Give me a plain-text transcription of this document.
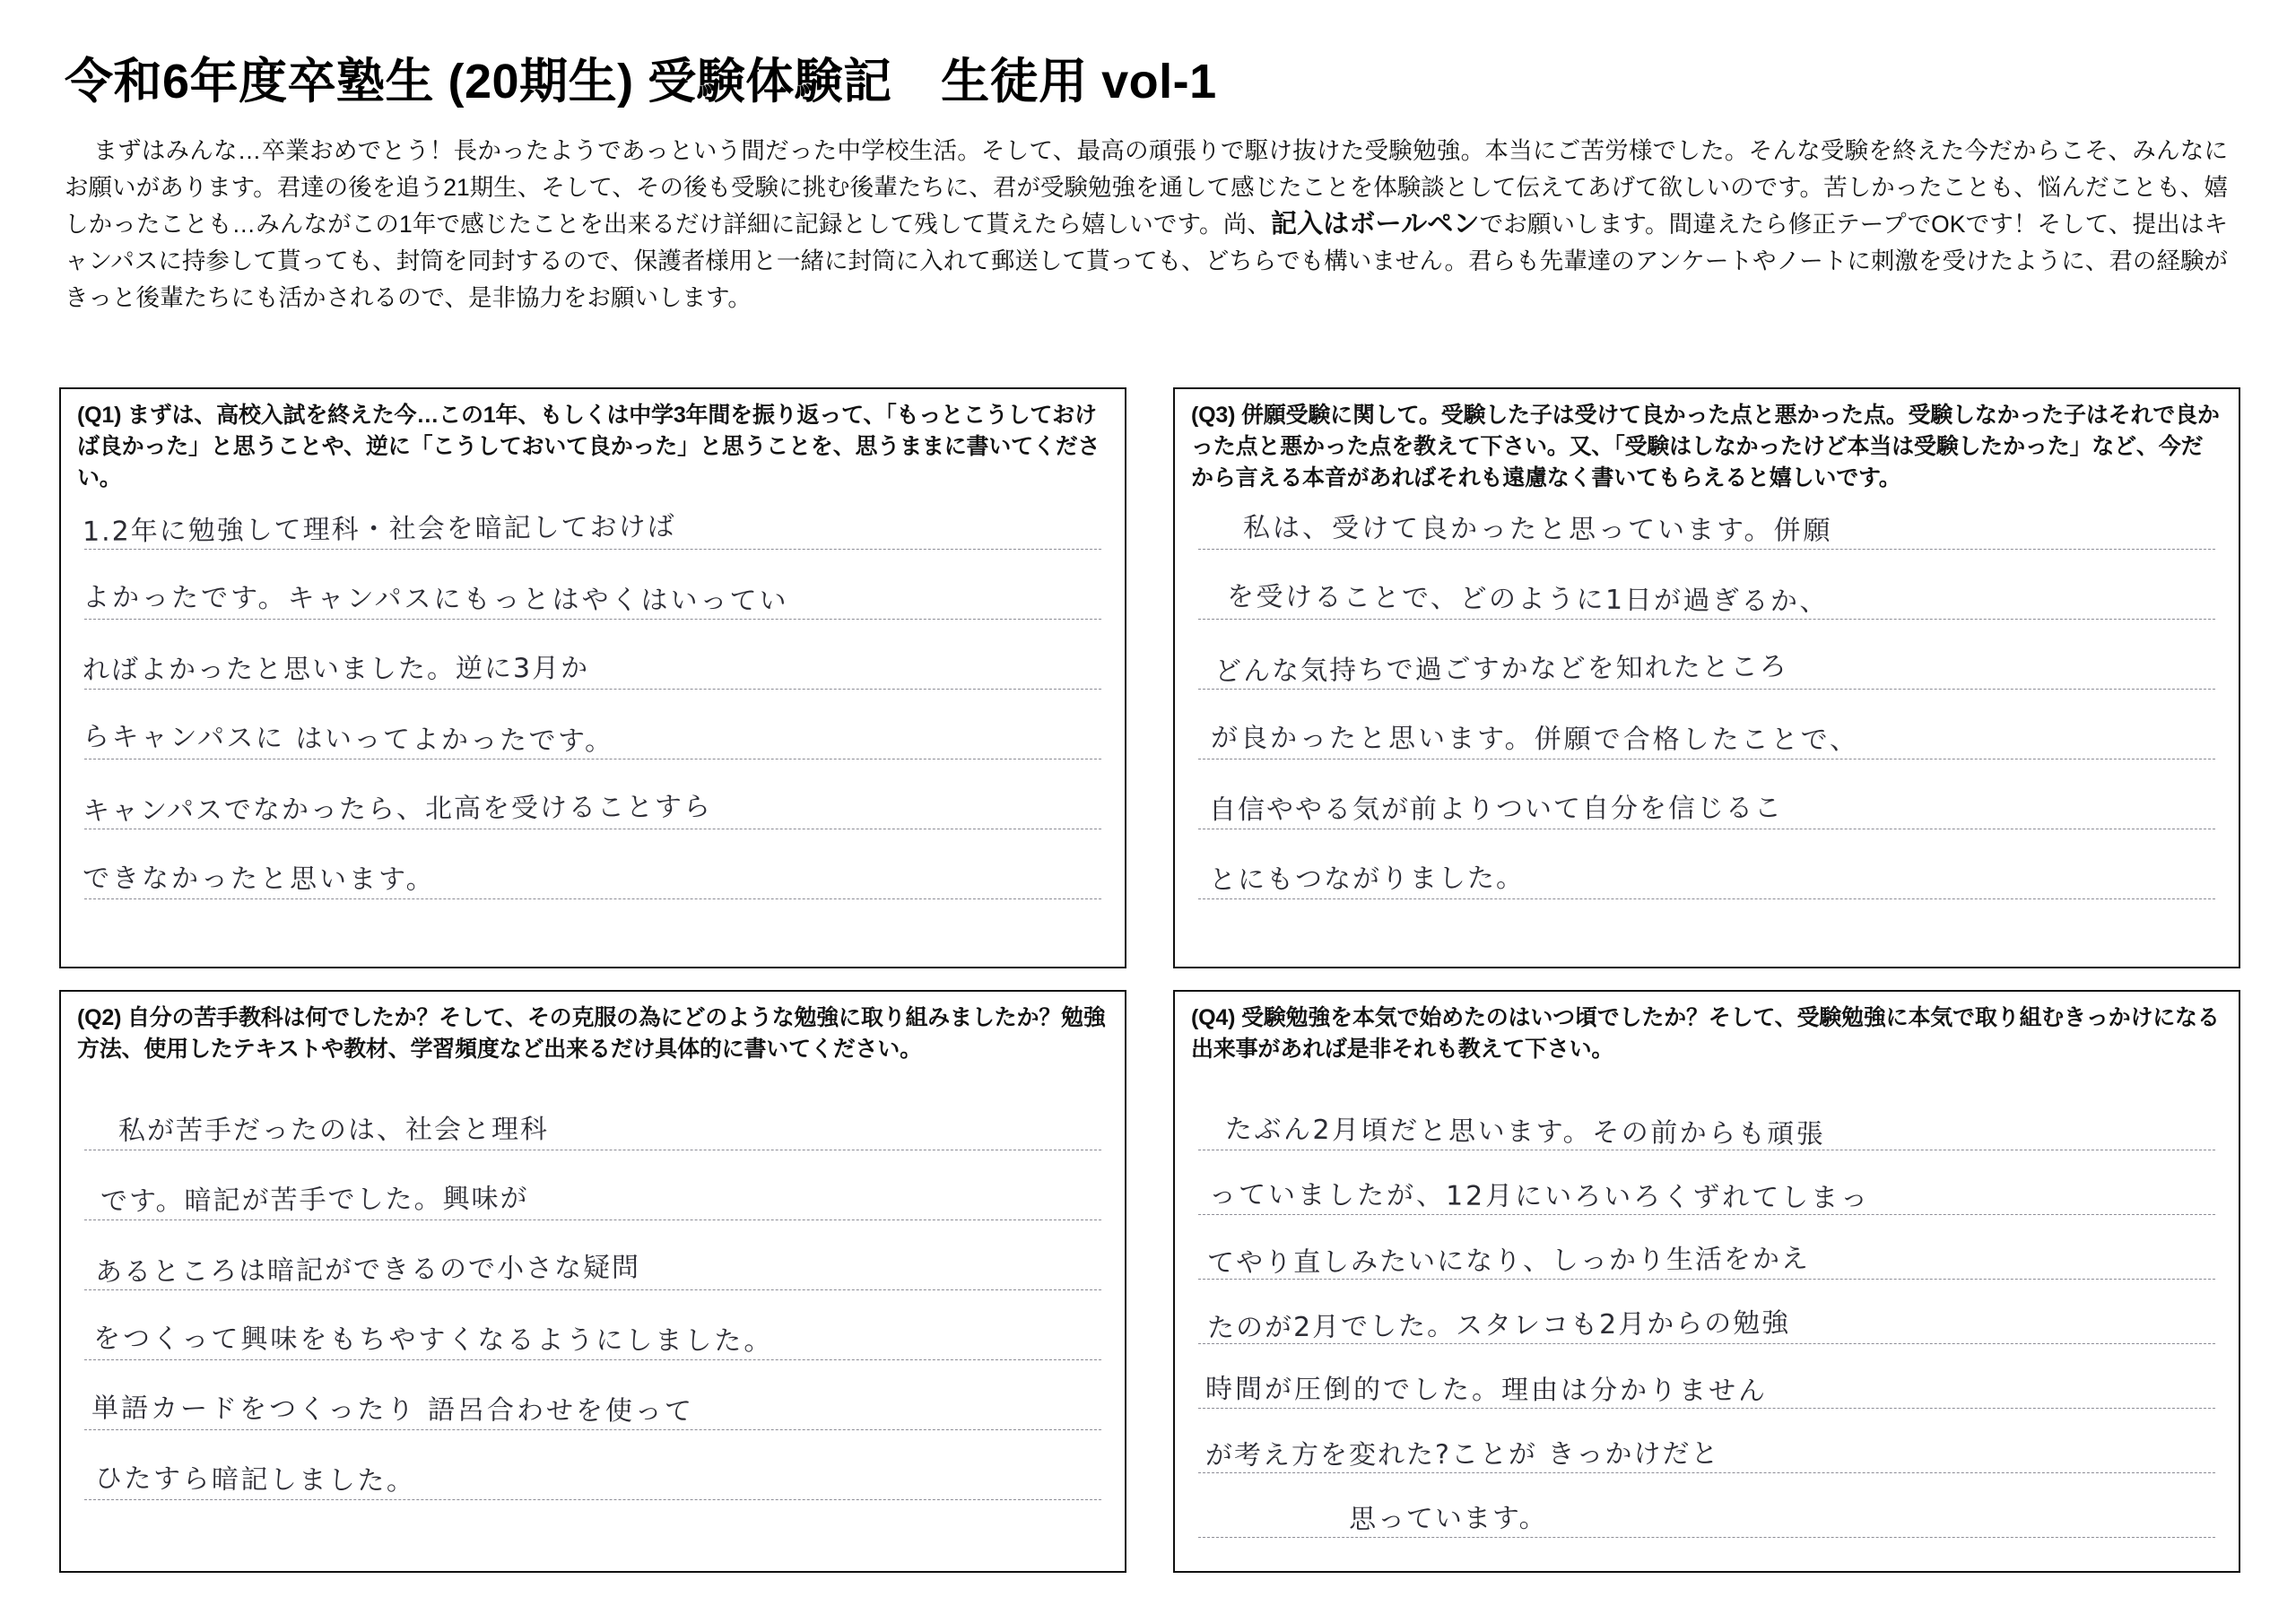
令和6年度卒塾生 (20期生) 受験体験記　生徒用 vol-1
まずはみんな…卒業おめでとう！長かったようであっという間だった中学校生活。そして、最高の頑張りで駆け抜けた受験勉強。本当にご苦労様でした。そんな受験を終えた今だからこそ、みんなにお願いがあります。君達の後を追う21期生、そして、その後も受験に挑む後輩たちに、君が受験勉強を通して感じたことを体験談として伝えてあげて欲しいのです。苦しかったことも、悩んだことも、嬉しかったことも…みんながこの1年で感じたことを出来るだけ詳細に記録として残して貰えたら嬉しいです。尚、記入はボールペンでお願いします。間違えたら修正テープでOKです！そして、提出はキャンパスに持参して貰っても、封筒を同封するので、保護者様用と一緒に封筒に入れて郵送して貰っても、どちらでも構いません。君らも先輩達のアンケートやノートに刺激を受けたように、君の経験がきっと後輩たちにも活かされるので、是非協力をお願いします。
(Q1) まずは、高校入試を終えた今…この1年、もしくは中学3年間を振り返って、「もっとこうしておけば良かった」と思うことや、逆に「こうしておいて良かった」と思うことを、思うままに書いてください。
1.2年に勉強して理科・社会を暗記しておけば
よかったです。キャンパスにもっとはやくはいってい
ればよかったと思いました。逆に3月か
らキャンパスに はいってよかったです。
キャンパスでなかったら、北高を受けることすら
できなかったと思います。
(Q3) 併願受験に関して。受験した子は受けて良かった点と悪かった点。受験しなかった子はそれで良かった点と悪かった点を教えて下さい。又、「受験はしなかったけど本当は受験したかった」など、今だから言える本音があればそれも遠慮なく書いてもらえると嬉しいです。
私は、受けて良かったと思っています。併願
を受けることで、どのように1日が過ぎるか、
どんな気持ちで過ごすかなどを知れたところ
が良かったと思います。併願で合格したことで、
自信ややる気が前よりついて自分を信じるこ
とにもつながりました。
(Q2) 自分の苦手教科は何でしたか？そして、その克服の為にどのような勉強に取り組みましたか？勉強方法、使用したテキストや教材、学習頻度など出来るだけ具体的に書いてください。
私が苦手だったのは、社会と理科
です。暗記が苦手でした。興味が
あるところは暗記ができるので小さな疑問
をつくって興味をもちやすくなるようにしました。
単語カードをつくったり 語呂合わせを使って
ひたすら暗記しました。
(Q4) 受験勉強を本気で始めたのはいつ頃でしたか？そして、受験勉強に本気で取り組むきっかけになる出来事があれば是非それも教えて下さい。
たぶん2月頃だと思います。その前からも頑張
っていましたが、12月にいろいろくずれてしまっ
てやり直しみたいになり、しっかり生活をかえ
たのが2月でした。スタレコも2月からの勉強
時間が圧倒的でした。理由は分かりません
が考え方を変れた?ことが きっかけだと
　　　　　思っています。
